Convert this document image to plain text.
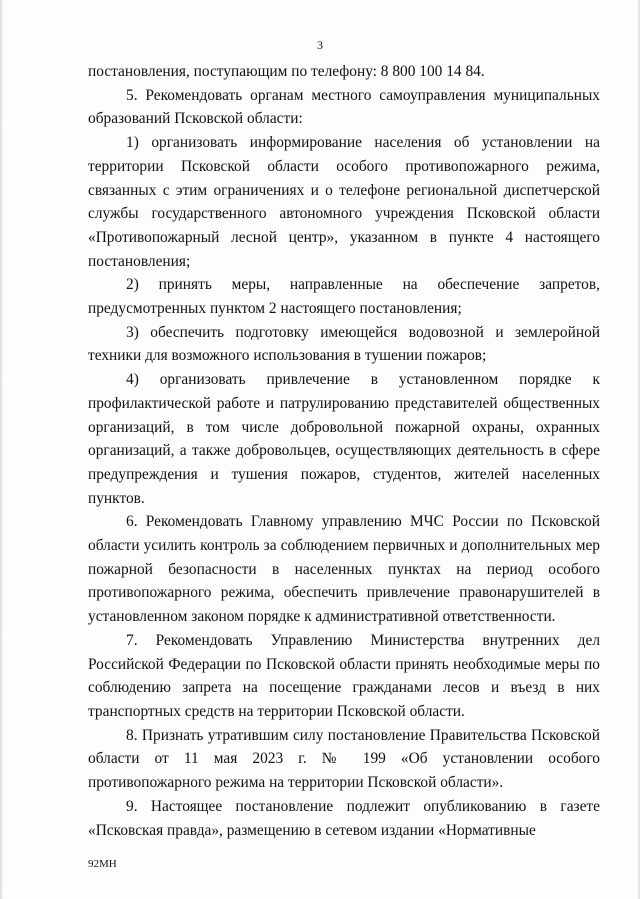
3

постановления, поступающим по телефону: 8 800 100 14 84.

5. Рекомендовать органам местного самоуправления муниципальных образований Псковской области:

1) организовать информирование населения об установлении на территории Псковской области особого противопожарного режима, связанных с этим ограничениях и о телефоне региональной диспетчерской службы государственного автономного учреждения Псковской области «Противопожарный лесной центр», указанном в пункте 4 настоящего постановления;

2) принять меры, направленные на обеспечение запретов, предусмотренных пунктом 2 настоящего постановления;

3) обеспечить подготовку имеющейся водовозной и землеройной техники для возможного использования в тушении пожаров;

4) организовать привлечение в установленном порядке к профилактической работе и патрулированию представителей общественных организаций, в том числе добровольной пожарной охраны, охранных организаций, а также добровольцев, осуществляющих деятельность в сфере предупреждения и тушения пожаров, студентов, жителей населенных пунктов.

6. Рекомендовать Главному управлению МЧС России по Псковской области усилить контроль за соблюдением первичных и дополнительных мер пожарной безопасности в населенных пунктах на период особого противопожарного режима, обеспечить привлечение правонарушителей в установленном законом порядке к административной ответственности.

7. Рекомендовать Управлению Министерства внутренних дел Российской Федерации по Псковской области принять необходимые меры по соблюдению запрета на посещение гражданами лесов и въезд в них транспортных средств на территории Псковской области.

8. Признать утратившим силу постановление Правительства Псковской области от 11 мая 2023 г. № 199 «Об установлении особого противопожарного режима на территории Псковской области».

9. Настоящее постановление подлежит опубликованию в газете «Псковская правда», размещению в сетевом издании «Нормативные

92МН
